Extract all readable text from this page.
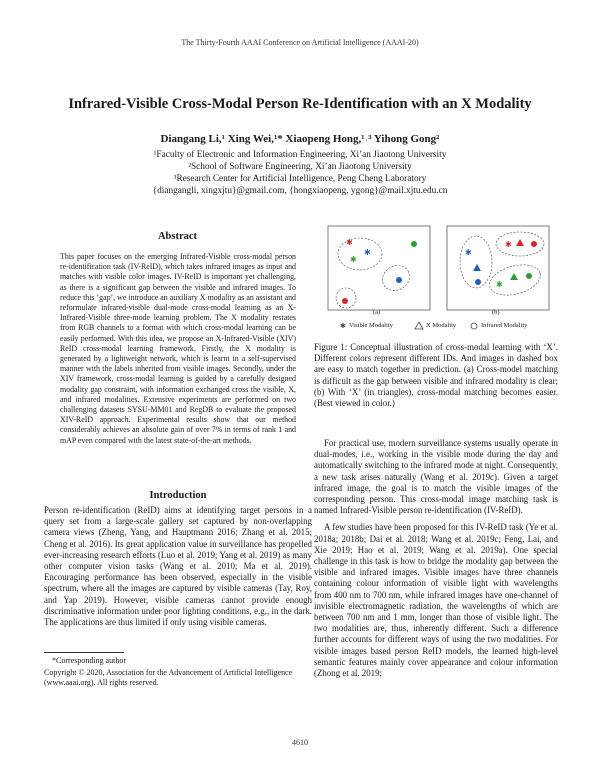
The Thirty-Fourth AAAI Conference on Artificial Intelligence (AAAI-20)
Infrared-Visible Cross-Modal Person Re-Identification with an X Modality
Diangang Li,¹ Xing Wei,¹* Xiaopeng Hong,¹˒³ Yihong Gong²
¹Faculty of Electronic and Information Engineering, Xi’an Jiaotong University
²School of Software Engineering, Xi’an Jiaotong University
³Research Center for Artificial Intelligence, Peng Cheng Laboratory
{diangangli, xingxjtu}@gmail.com, {hongxiaopeng, ygong}@mail.xjtu.edu.cn
Abstract
This paper focuses on the emerging Infrared-Visible cross-modal person re-identification task (IV-ReID), which takes infrared images as input and matches with visible color images. IV-ReID is important yet challenging, as there is a significant gap between the visible and infrared images. To reduce this ‘gap’, we introduce an auxiliary X modality as an assistant and reformulate infrared-visible dual-mode cross-modal learning as an X-Infrared-Visible three-mode learning problem. The X modality restates from RGB channels to a format with which cross-modal learning can be easily performed. With this idea, we propose an X-Infrared-Visible (XIV) ReID cross-modal learning framework. Firstly, the X modality is generated by a lightweight network, which is learnt in a self-supervised manner with the labels inherited from visible images. Secondly, under the XIV framework, cross-modal learning is guided by a carefully designed modality gap constraint, with information exchanged cross the visible, X, and infrared modalities. Extensive experiments are performed on two challenging datasets SYSU-MM01 and RegDB to evaluate the proposed XIV-ReID approach. Experimental results show that our method considerably achieves an absolute gain of over 7% in terms of rank 1 and mAP even compared with the latest state-of-the-art methods.
Introduction
Person re-identification (ReID) aims at identifying target persons in a query set from a large-scale gallery set captured by non-overlapping camera views (Zheng, Yang, and Hauptmann 2016; Zhang et al. 2015; Cheng et al. 2016). Its great application value in surveillance has propelled ever-increasing research efforts (Luo et al. 2019; Yang et al. 2019) as many other computer vision tasks (Wang et al. 2010; Ma et al. 2019). Encouraging performance has been observed, especially in the visible spectrum, where all the images are captured by visible cameras (Tay, Roy, and Yap 2019). However, visible cameras cannot provide enough discriminative information under poor lighting conditions, e.g., in the dark. The applications are thus limited if only using visible cameras.
*Corresponding author
Copyright © 2020, Association for the Advancement of Artificial Intelligence (www.aaai.org). All rights reserved.
✱
✱
✱
✱
✱
✱
✱
(a)	(b)
Visible Modality	X Modality	Infrared Modality
Figure 1: Conceptual illustration of cross-modal learning with ‘X’. Different colors represent different IDs. And images in dashed box are easy to match together in prediction. (a) Cross-model matching is difficult as the gap between visible and infrared modality is clear; (b) With ‘X’ (in triangles), cross-modal matching becomes easier. (Best viewed in color.)

For practical use, modern surveillance systems usually operate in dual-modes, i.e., working in the visible mode during the day and automatically switching to the infrared mode at night. Consequently, a new task arises naturally (Wang et al. 2019c). Given a target infrared image, the goal is to match the visible images of the corresponding person. This cross-modal image matching task is named Infrared-Visible person re-identification (IV-ReID).

A few studies have been proposed for this IV-ReID task (Ye et al. 2018a; 2018b; Dai et al. 2018; Wang et al. 2019c; Feng, Lai, and Xie 2019; Hao et al. 2019; Wang et al. 2019a). One special challenge in this task is how to bridge the modality gap between the visible and infrared images. Visible images have three channels containing colour information of visible light with wavelengths from 400 nm to 700 nm, while infrared images have one-channel of invisible electromagnetic radiation, the wavelengths of which are between 700 nm and 1 mm, longer than those of visible light. The two modalities are, thus, inherently different. Such a difference further accounts for different ways of using the two modalities. For visible images based person ReID models, the learned high-level semantic features mainly cover appearance and colour information (Zhong et al. 2019;

4610
